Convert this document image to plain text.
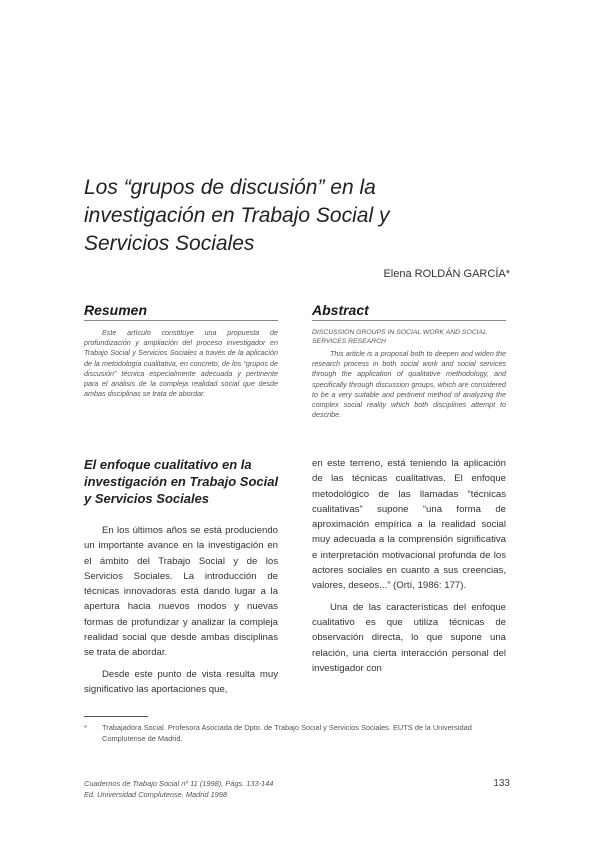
Los “grupos de discusión” en la
investigación en Trabajo Social y
Servicios Sociales
Elena ROLDÁN GARCÍA*
Resumen
Este artículo constituye una propuesta de profundización y ampliación del proceso investigador en Trabajo Social y Servicios Sociales a través de la aplicación de la metodología cualitativa, en concreto, de los “grupos de discusión” técnica especialmente adecuada y pertinente para el análisis de la compleja realidad social que desde ambas disciplinas se trata de abordar.
Abstract
DISCUSSION GROUPS IN SOCIAL WORK AND SOCIAL SERVICES RESEARCH
This article is a proposal both to deepen and widen the research process in both social work and social services through the application of qualitative methodology, and specifically through discussion groups, which are considered to be a very suitable and pertinent method of analyzing the complex social reality which both disciplines attempt to describe.
El enfoque cualitativo en la investigación en Trabajo Social y Servicios Sociales

En los últimos años se está produciendo un importante avance en la investigación en el ámbito del Trabajo Social y de los Servicios Sociales. La introducción de técnicas innovadoras está dando lugar a la apertura hacia nuevos modos y nuevas formas de profundizar y analizar la compleja realidad social que desde ambas disciplinas se trata de abordar.

Desde este punto de vista resulta muy significativo las aportaciones que,

en este terreno, está teniendo la aplicación de las técnicas cualitativas. El enfoque metodológico de las llamadas “técnicas cualitativas” supone “una forma de aproximación empírica a la realidad social muy adecuada a la comprensión significativa e interpretación motivacional profunda de los actores sociales en cuanto a sus creencias, valores, deseos...” (Ortí, 1986: 177).

Una de las características del enfoque cualitativo es que utiliza técnicas de observación directa, lo que supone una relación, una cierta interacción personal del investigador con

* Trabajadora Social. Profesora Asociada de Dpto. de Trabajo Social y Servicios Sociales. EUTS de la Universidad Complutense de Madrid.
Cuadernos de Trabajo Social nº 11 (1998), Págs. 133-144
Ed. Universidad Complutense. Madrid 1998
133
